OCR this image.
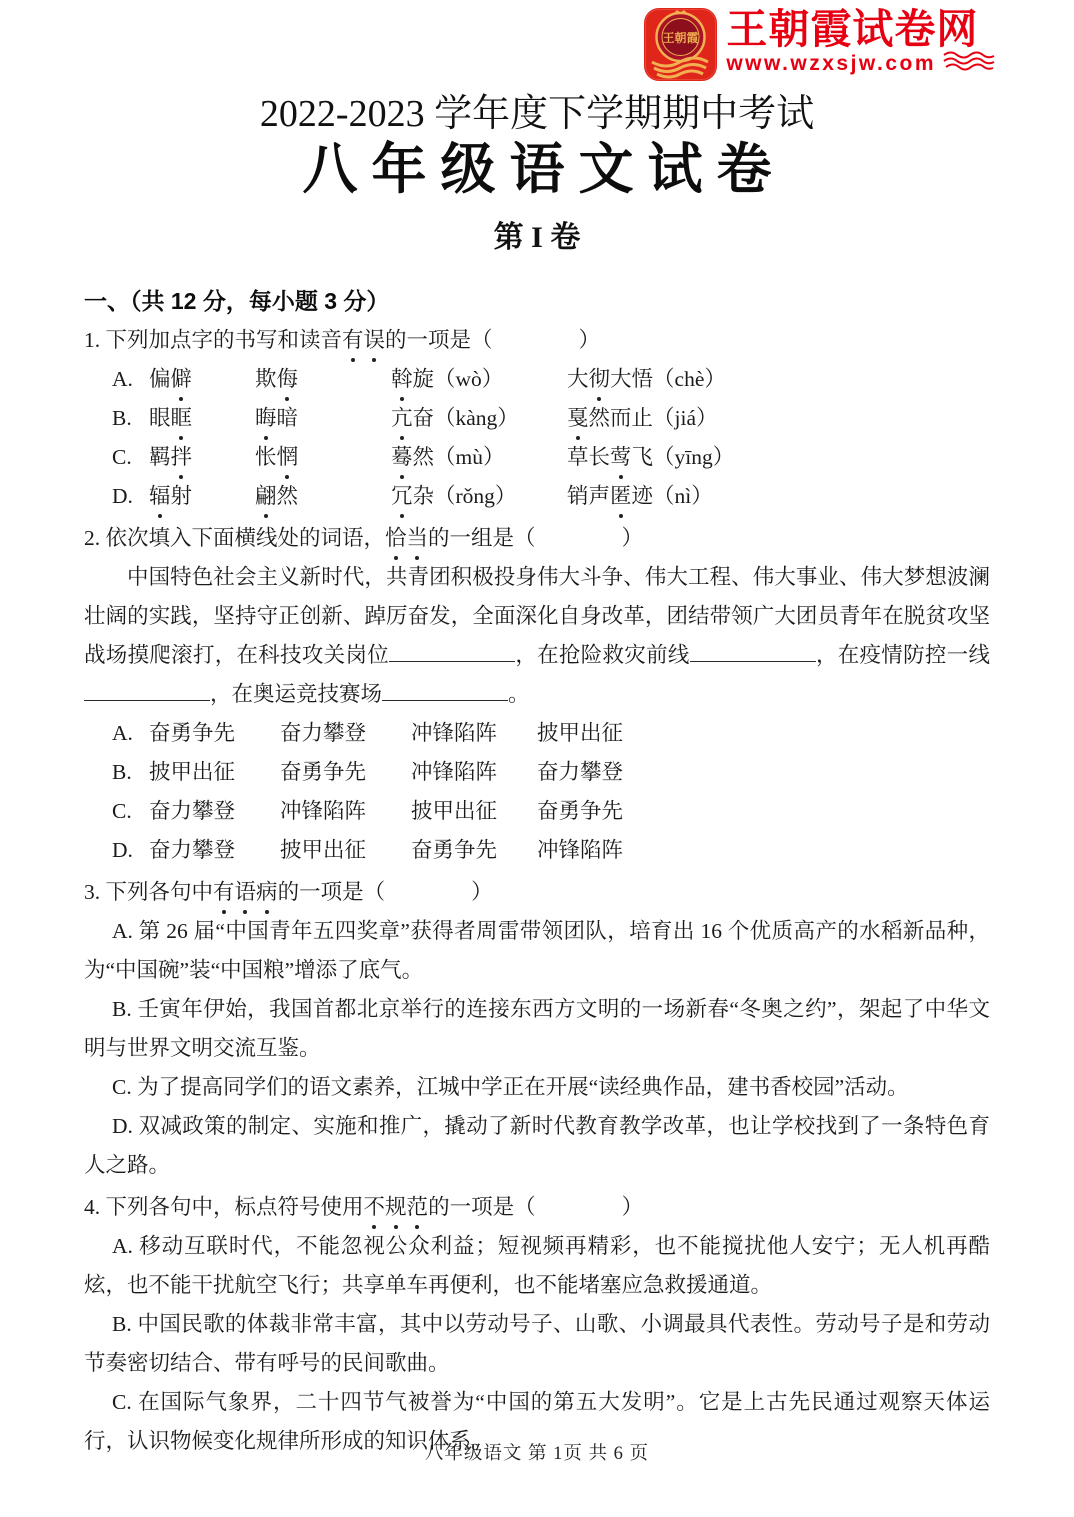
王朝霞 王朝霞试卷网
www.wzxsjw.com
2022-2023 学年度下学期期中考试
八年级语文试卷
第 I 卷
一、（共 12 分，每小题 3 分）

1. 下列加点字的书写和读音有误的一项是（　　　　）

A. 偏僻	欺侮	斡旋（wò）	大彻大悟（chè）
B. 眼眶	晦暗	亢奋（kàng）	戛然而止（jiá）
C. 羁拌	怅惘	蓦然（mù）	草长莺飞（yīng）
D. 辐射	翩然	冗杂（rǒng）	销声匿迹（nì）

2. 依次填入下面横线处的词语，恰当的一组是（　　　　）

中国特色社会主义新时代，共青团积极投身伟大斗争、伟大工程、伟大事业、伟大梦想波澜壮阔的实践，坚持守正创新、踔厉奋发，全面深化自身改革，团结带领广大团员青年在脱贫攻坚战场摸爬滚打，在科技攻关岗位	，在抢险救灾前线	，在疫情防控一线，在奥运竞技赛场	。

A. 奋勇争先	奋力攀登	冲锋陷阵	披甲出征
B. 披甲出征	奋勇争先	冲锋陷阵	奋力攀登
C. 奋力攀登	冲锋陷阵	披甲出征	奋勇争先
D. 奋力攀登	披甲出征	奋勇争先	冲锋陷阵

3. 下列各句中有语病的一项是（　　　　）

A. 第 26 届“中国青年五四奖章”获得者周雷带领团队，培育出 16 个优质高产的水稻新品种，为“中国碗”装“中国粮”增添了底气。

B. 壬寅年伊始，我国首都北京举行的连接东西方文明的一场新春“冬奥之约”，架起了中华文明与世界文明交流互鉴。

C. 为了提高同学们的语文素养，江城中学正在开展“读经典作品，建书香校园”活动。

D. 双减政策的制定、实施和推广，撬动了新时代教育教学改革，也让学校找到了一条特色育人之路。

4. 下列各句中，标点符号使用不规范的一项是（　　　　）

A. 移动互联时代，不能忽视公众利益；短视频再精彩，也不能搅扰他人安宁；无人机再酷炫，也不能干扰航空飞行；共享单车再便利，也不能堵塞应急救援通道。

B. 中国民歌的体裁非常丰富，其中以劳动号子、山歌、小调最具代表性。劳动号子是和劳动节奏密切结合、带有呼号的民间歌曲。

C. 在国际气象界，二十四节气被誉为“中国的第五大发明”。它是上古先民通过观察天体运行，认识物候变化规律所形成的知识体系。

八年级语文 第 1页 共 6 页
